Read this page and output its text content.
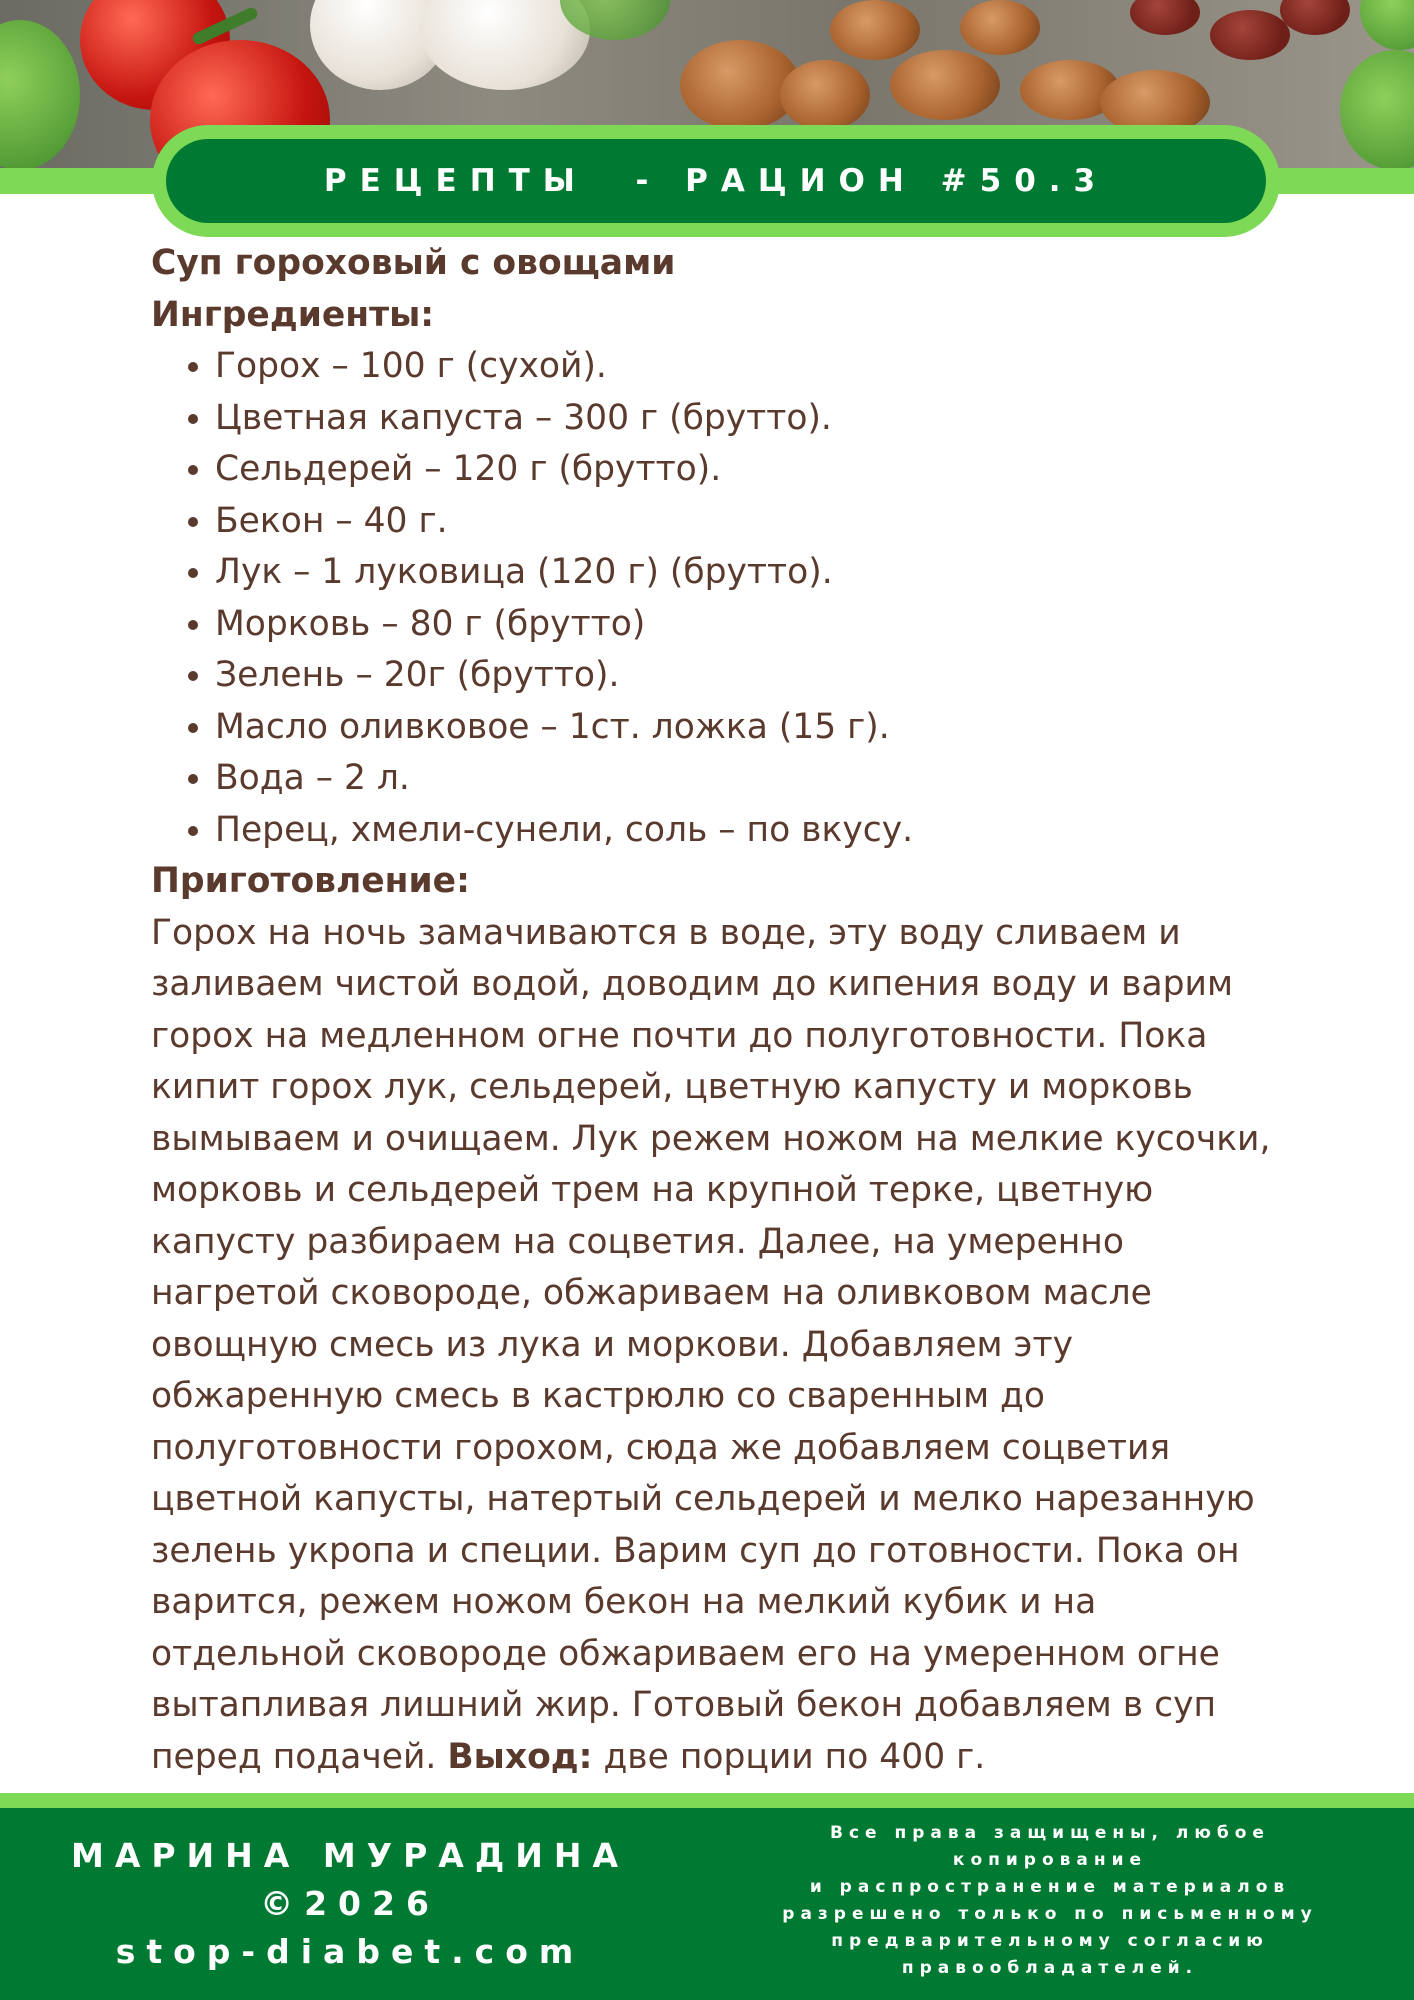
РЕЦЕПТЫ  - РАЦИОН #50.3
Суп гороховый с овощами
Ингредиенты:
• Горох – 100 г (сухой).
• Цветная капуста – 300 г (брутто).
• Сельдерей – 120 г (брутто).
• Бекон – 40 г.
• Лук – 1 луковица (120 г) (брутто).
• Морковь – 80 г (брутто)
• Зелень – 20г (брутто).
• Масло оливковое – 1ст. ложка (15 г).
• Вода – 2 л.
• Перец, хмели-сунели, соль – по вкусу.
Приготовление:

Горох на ночь замачиваются в воде, эту воду сливаем и

заливаем чистой водой, доводим до кипения воду и варим

горох на медленном огне почти до полуготовности. Пока

кипит горох лук, сельдерей, цветную капусту и морковь

вымываем и очищаем. Лук режем ножом на мелкие кусочки,

морковь и сельдерей трем на крупной терке, цветную

капусту разбираем на соцветия. Далее, на умеренно

нагретой сковороде, обжариваем на оливковом масле

овощную смесь из лука и моркови. Добавляем эту

обжаренную смесь в кастрюлю со сваренным до

полуготовности горохом, сюда же добавляем соцветия

цветной капусты, натертый сельдерей и мелко нарезанную

зелень укропа и специи. Варим суп до готовности. Пока он

варится, режем ножом бекон на мелкий кубик и на

отдельной сковороде обжариваем его на умеренном огне

вытапливая лишний жир. Готовый бекон добавляем в суп

перед подачей. Выход: две порции по 400 г.

МАРИНА МУРАДИНА
©2026
stop-diabet.com
Все права защищены, любое
копирование
и распространение материалов
разрешено только по письменному
предварительному согласию
правообладателей.
